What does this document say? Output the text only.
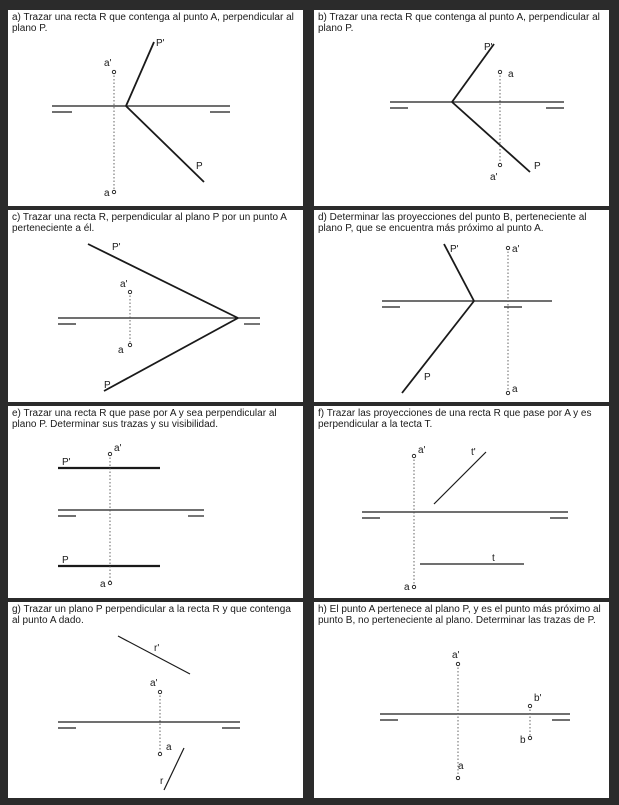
a) Trazar una recta R que contenga al punto A, perpendicular al plano P.

P'
P
a'
a

b) Trazar una recta R que contenga al punto A, perpendicular al plano P.

P'
P
a
a'

c) Trazar una recta R, perpendicular al plano P por un punto A perteneciente a él.

P'
P
a'
a

d) Determinar las proyecciones del punto B, perteneciente al plano P, que se encuentra más próximo al punto A.

P'
P
a'
a

e) Trazar una recta R que pase por A y sea perpendicular al plano P. Determinar sus trazas y su visibilidad.

P'
P
a'
a

f) Trazar las proyecciones de una recta R que pase por A y es perpendicular a la tecta T.

t'
t
a'
a

g) Trazar un plano P perpendicular a la recta R y que contenga al punto A dado.

r'
r
a'
a

h) El punto A pertenece al plano P, y es el punto más próximo al punto B, no perteneciente al plano. Determinar las trazas de P.

a'
a
b'
b
